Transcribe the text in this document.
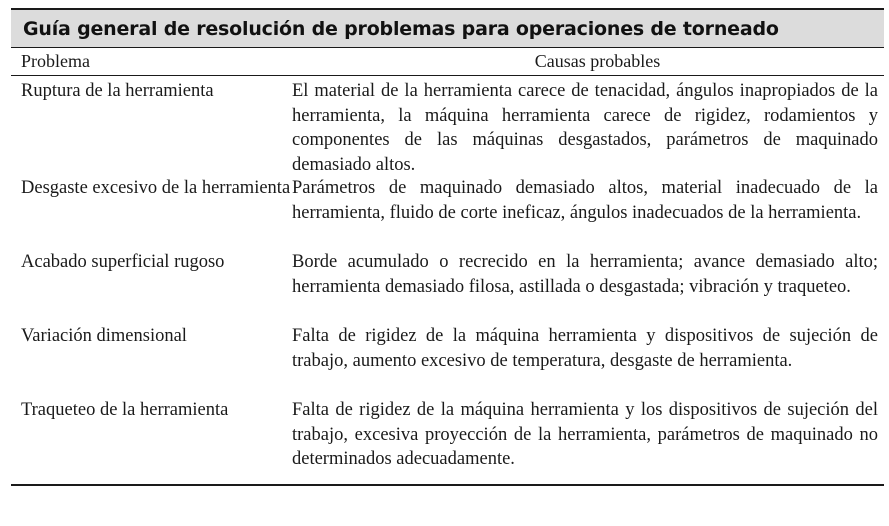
Guía general de resolución de problemas para operaciones de torneado
Problema	Causas probables
Ruptura de la herramienta	El material de la herramienta carece de tenacidad, ángulos inapropiados de la herramienta, la máquina herramienta carece de rigidez, rodamientos y componentes de las máquinas desgastados, parámetros de maquinado demasiado altos.
Desgaste excesivo de la herramienta Parámetros de maquinado demasiado altos, material inadecuado de la herramienta, fluido de corte ineficaz, ángulos inadecuados de la herramienta.
Acabado superficial rugoso	Borde acumulado o recrecido en la herramienta; avance demasiado alto; herramienta demasiado filosa, astillada o desgastada; vibración y traqueteo.
Variación dimensional	Falta de rigidez de la máquina herramienta y dispositivos de sujeción de trabajo, aumento excesivo de temperatura, desgaste de herramienta.
Traqueteo de la herramienta	Falta de rigidez de la máquina herramienta y los dispositivos de sujeción del trabajo, excesiva proyección de la herramienta, parámetros de maquinado no determinados adecuadamente.
